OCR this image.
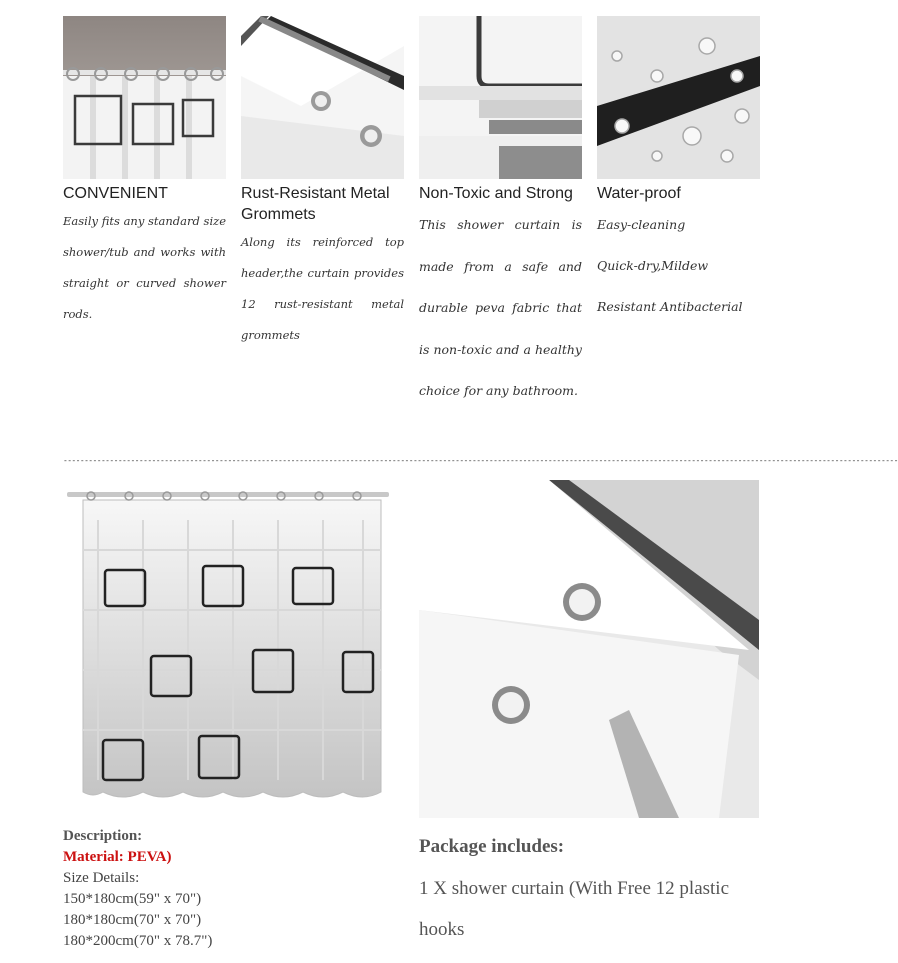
CONVENIENT
Easily fits any standard size shower/tub and works with straight or curved shower rods.
Rust-Resistant Metal Grommets
Along its reinforced top header,the curtain provides 12 rust-resistant metal grommets
Non-Toxic and Strong
This shower curtain is made from a safe and durable peva fabric that is non-toxic and a healthy choice for any bathroom.
Water-proof
Easy-cleaning
Quick-dry,Mildew
Resistant Antibacterial
------------------------------------------------------------------------------------------------------------------------------------------------------------------------------------------------------
Description:
Material: PEVA)
Size Details:
150*180cm(59" x 70")
180*180cm(70" x 70")
180*200cm(70" x 78.7")
Package includes:
1 X shower curtain (With Free 12 plastic hooks
